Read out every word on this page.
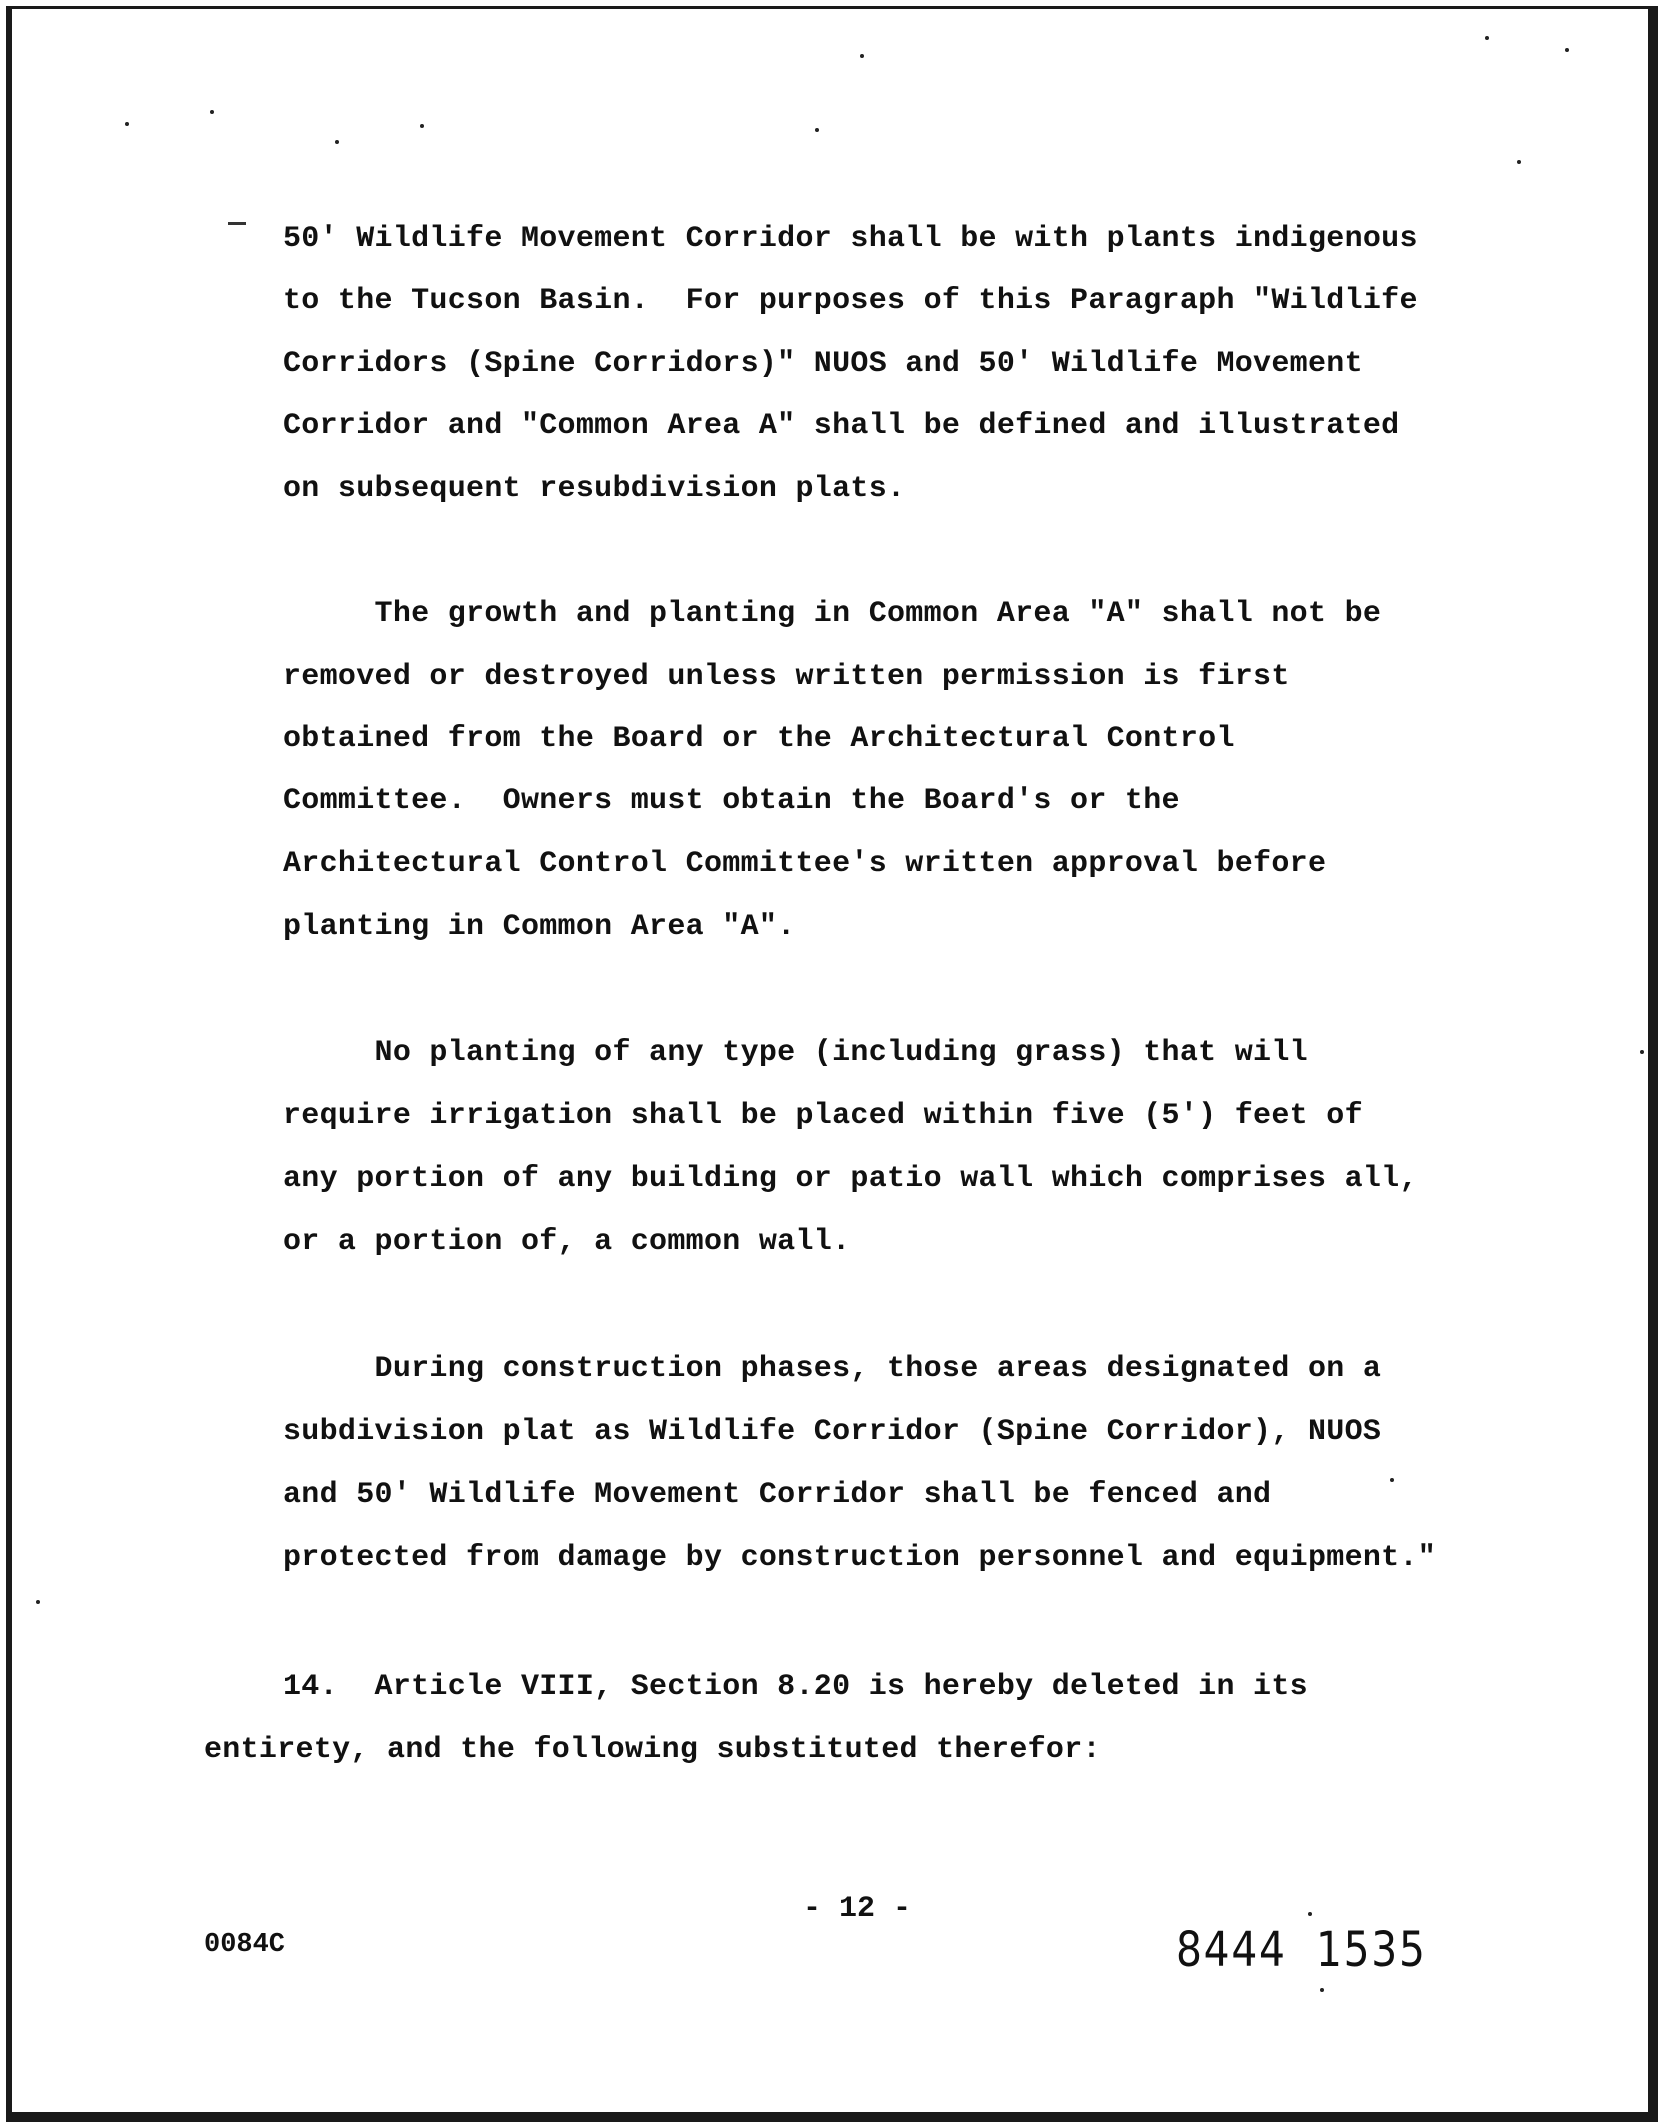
50' Wildlife Movement Corridor shall be with plants indigenous
to the Tucson Basin.  For purposes of this Paragraph "Wildlife
Corridors (Spine Corridors)" NUOS and 50' Wildlife Movement
Corridor and "Common Area A" shall be defined and illustrated
on subsequent resubdivision plats.
The growth and planting in Common Area "A" shall not be
removed or destroyed unless written permission is first
obtained from the Board or the Architectural Control
Committee.  Owners must obtain the Board's or the
Architectural Control Committee's written approval before
planting in Common Area "A".
No planting of any type (including grass) that will
require irrigation shall be placed within five (5') feet of
any portion of any building or patio wall which comprises all,
or a portion of, a common wall.
During construction phases, those areas designated on a
subdivision plat as Wildlife Corridor (Spine Corridor), NUOS
and 50' Wildlife Movement Corridor shall be fenced and
protected from damage by construction personnel and equipment."
14.  Article VIII, Section 8.20 is hereby deleted in its
entirety, and the following substituted therefor:
- 12 -
0084C	8444  1535
